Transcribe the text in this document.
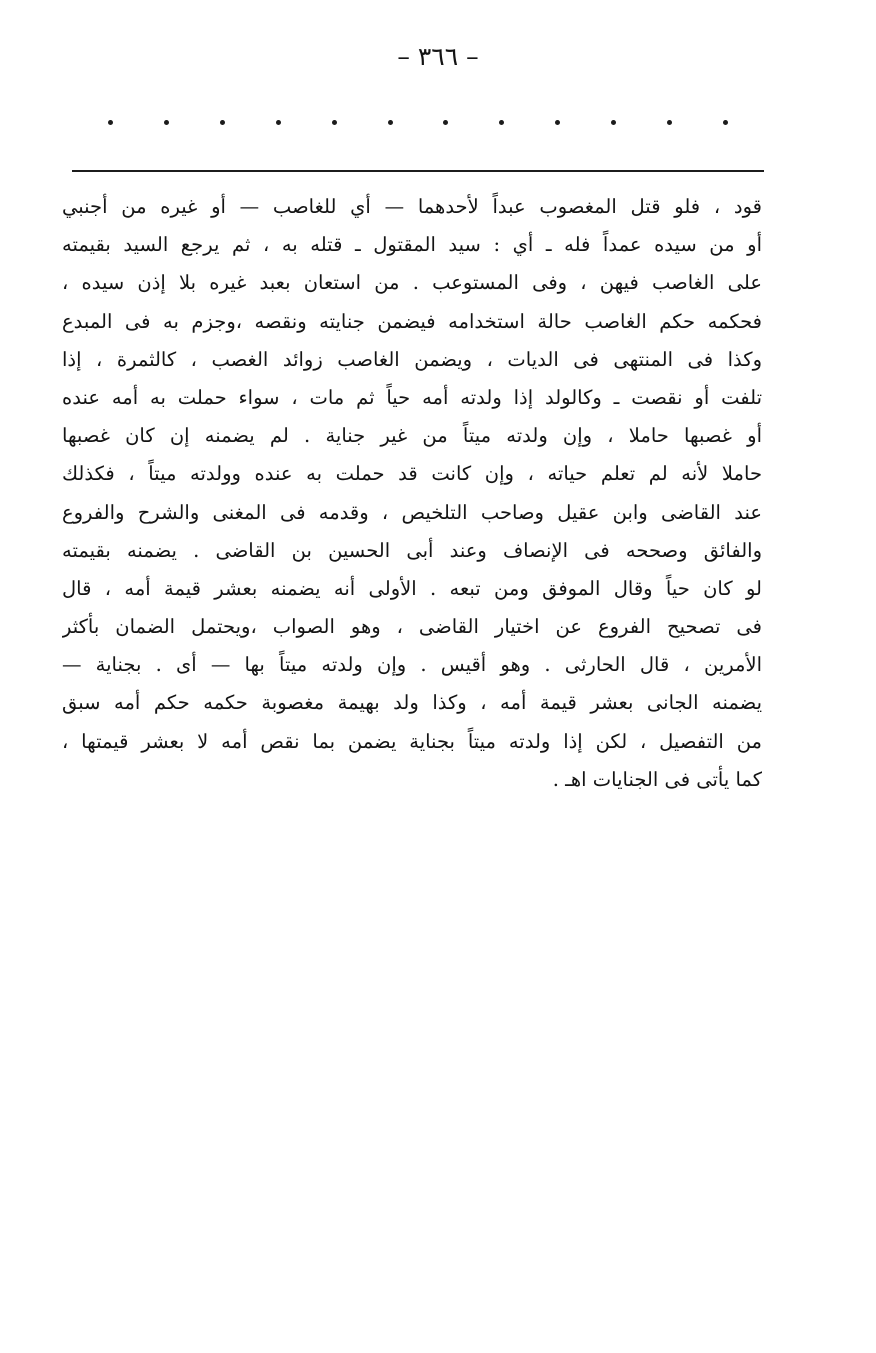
– ٣٦٦ –
قود ، فلو قتل المغصوب عبداً لأحدهما — أي للغاصب — أو غيره من أجنبي
أو من سيده عمداً فله ـ أي : سيد المقتول ـ قتله به ، ثم يرجع السيد بقيمته
على الغاصب فيهن ، وفى المستوعب . من استعان بعبد غيره بلا إذن سيده ،
فحكمه حكم الغاصب حالة استخدامه فيضمن جنايته ونقصه ،وجزم به فى المبدع
وكذا فى المنتهى فى الديات ، ويضمن الغاصب زوائد الغصب ، كالثمرة ، إذا
تلفت أو نقصت ـ وكالولد إذا ولدته أمه حياً ثم مات ، سواء حملت به أمه عنده
أو غصبها حاملا ، وإن ولدته ميتاً من غير جناية . لم يضمنه إن كان غصبها
حاملا لأنه لم تعلم حياته ، وإن كانت قد حملت به عنده وولدته ميتاً ، فكذلك
عند القاضى وابن عقيل وصاحب التلخيص ، وقدمه فى المغنى والشرح والفروع
والفائق وصححه فى الإنصاف وعند أبى الحسين بن القاضى . يضمنه بقيمته
لو كان حياً وقال الموفق ومن تبعه . الأولى أنه يضمنه بعشر قيمة أمه ، قال
فى تصحيح الفروع عن اختيار القاضى ، وهو الصواب ،ويحتمل الضمان بأكثر
الأمرين ، قال الحارثى . وهو أقيس . وإن ولدته ميتاً بها — أى . بجناية —
يضمنه الجانى بعشر قيمة أمه ، وكذا ولد بهيمة مغصوبة حكمه حكم أمه سبق
من التفصيل ، لكن إذا ولدته ميتاً بجناية يضمن بما نقص أمه لا بعشر قيمتها ،
كما يأتى فى الجنايات اهـ .
